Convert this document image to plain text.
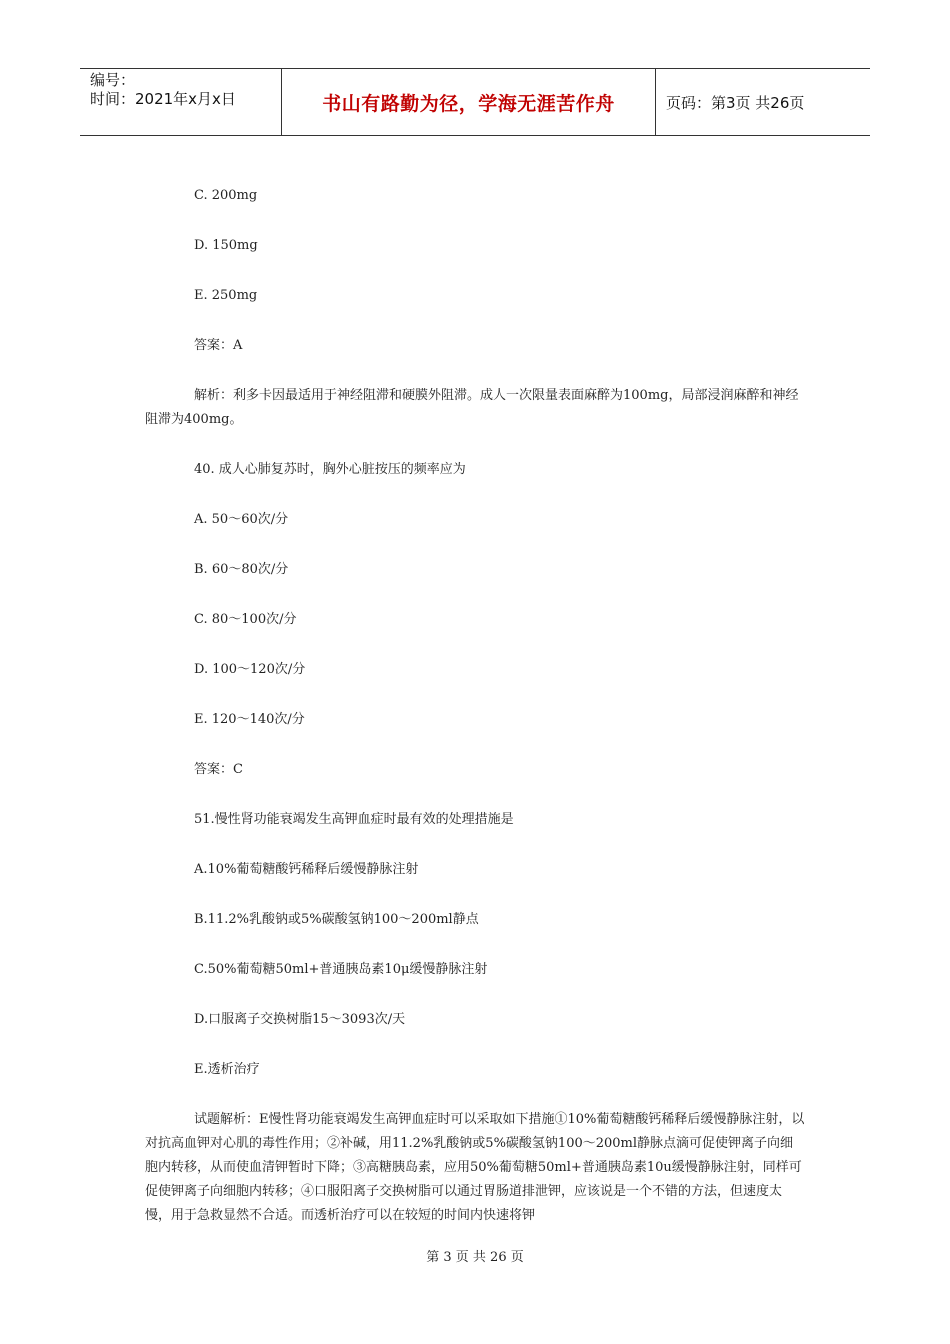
编号：
时间：2021年x月x日	书山有路勤为径，学海无涯苦作舟	页码：第3页 共26页

C. 200mg

D. 150mg

E. 250mg

答案：A

解析：利多卡因最适用于神经阻滞和硬膜外阻滞。成人一次限量表面麻醉为100mg，局部浸润麻醉和神经阻滞为400mg。

40. 成人心肺复苏时，胸外心脏按压的频率应为

A. 50～60次/分

B. 60～80次/分

C. 80～100次/分

D. 100～120次/分

E. 120～140次/分

答案：C

51.慢性肾功能衰竭发生高钾血症时最有效的处理措施是

A.10%葡萄糖酸钙稀释后缓慢静脉注射

B.11.2%乳酸钠或5%碳酸氢钠100～200ml静点

C.50%葡萄糖50ml+普通胰岛素10μ缓慢静脉注射

D.口服离子交换树脂15～3093次/天

E.透析治疗

试题解析：E慢性肾功能衰竭发生高钾血症时可以采取如下措施①10%葡萄糖酸钙稀释后缓慢静脉注射，以对抗高血钾对心肌的毒性作用；②补碱，用11.2%乳酸钠或5%碳酸氢钠100～200ml静脉点滴可促使钾离子向细胞内转移，从而使血清钾暂时下降；③高糖胰岛素，应用50%葡萄糖50ml+普通胰岛素10u缓慢静脉注射，同样可促使钾离子向细胞内转移；④口服阳离子交换树脂可以通过胃肠道排泄钾，应该说是一个不错的方法，但速度太慢，用于急救显然不合适。而透析治疗可以在较短的时间内快速将钾

第 3 页 共 26 页
